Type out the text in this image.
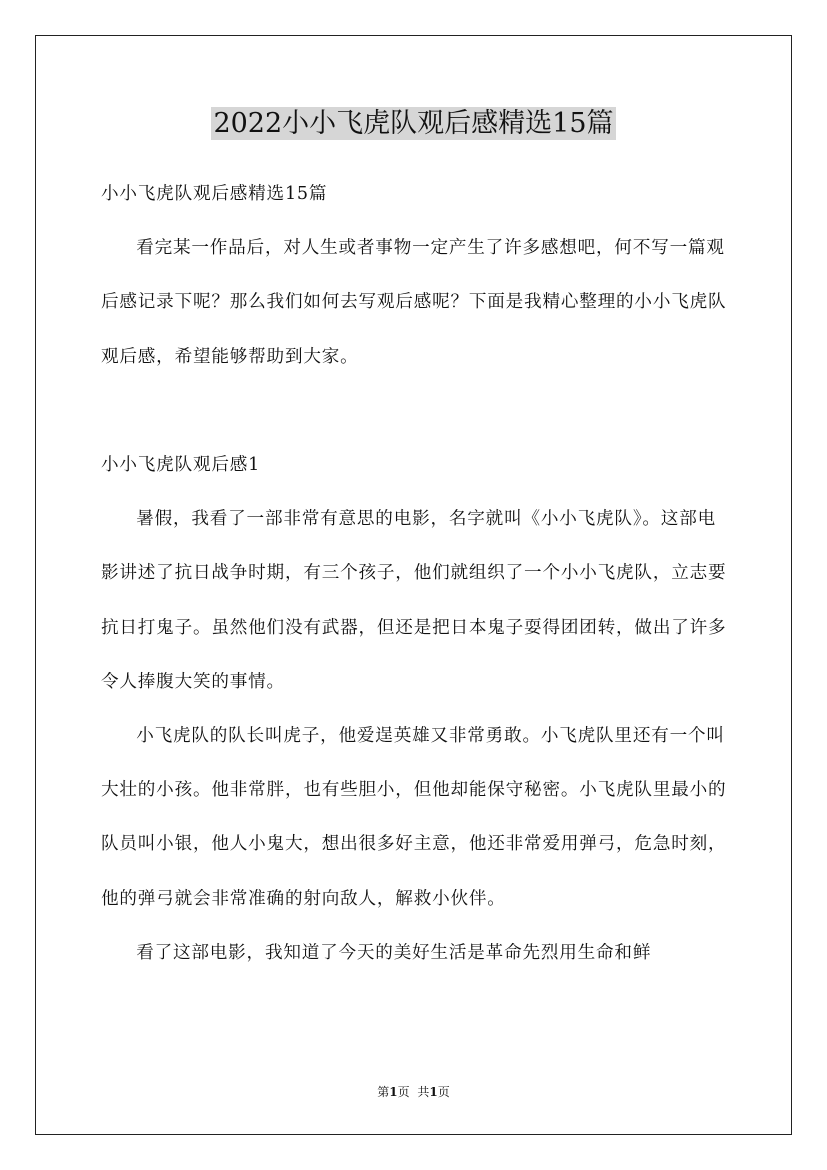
2022小小飞虎队观后感精选15篇

小小飞虎队观后感精选15篇

看完某一作品后，对人生或者事物一定产生了许多感想吧，何不写一篇观后感记录下呢？那么我们如何去写观后感呢？下面是我精心整理的小小飞虎队观后感，希望能够帮助到大家。

小小飞虎队观后感1

暑假，我看了一部非常有意思的电影，名字就叫《小小飞虎队》。这部电影讲述了抗日战争时期，有三个孩子，他们就组织了一个小小飞虎队，立志要抗日打鬼子。虽然他们没有武器，但还是把日本鬼子耍得团团转，做出了许多令人捧腹大笑的事情。

小飞虎队的队长叫虎子，他爱逞英雄又非常勇敢。小飞虎队里还有一个叫大壮的小孩。他非常胖，也有些胆小，但他却能保守秘密。小飞虎队里最小的队员叫小银，他人小鬼大，想出很多好主意，他还非常爱用弹弓，危急时刻，他的弹弓就会非常准确的射向敌人，解救小伙伴。

看了这部电影，我知道了今天的美好生活是革命先烈用生命和鲜

第1页 共1页
